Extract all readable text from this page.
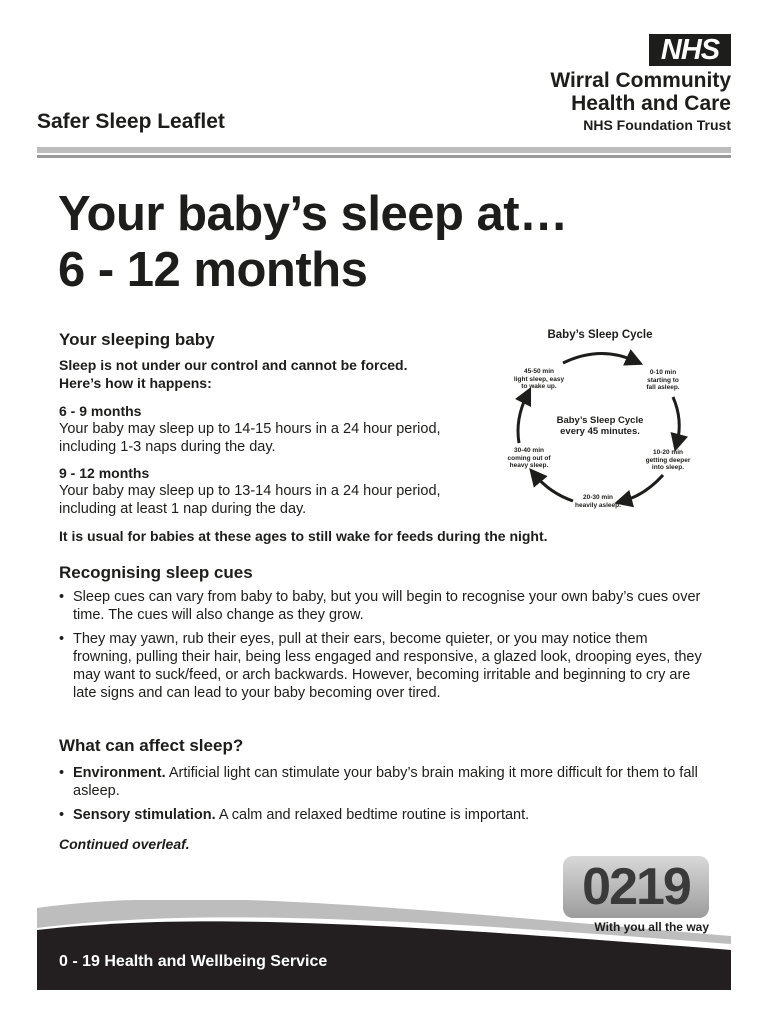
NHS
Wirral Community
Health and Care
NHS Foundation Trust
Safer Sleep Leaflet
Your baby’s sleep at…
6 - 12 months
Your sleeping baby
Sleep is not under our control and cannot be forced.
Here’s how it happens:
6 - 9 months
Your baby may sleep up to 14-15 hours in a 24 hour period, including 1-3 naps during the day.
9 - 12 months
Your baby may sleep up to 13-14 hours in a 24 hour period, including at least 1 nap during the day.
It is usual for babies at these ages to still wake for feeds during the night.
Baby’s Sleep Cycle
Baby’s Sleep Cycle
every 45 minutes.
0-10 min
starting to
fall asleep.
10-20 min
getting deeper
into sleep.
20-30 min
heavily asleep.
30-40 min
coming out of
heavy sleep.
45-50 min
light sleep, easy
to wake up.
Recognising sleep cues
• Sleep cues can vary from baby to baby, but you will begin to recognise your own baby’s cues over time. The cues will also change as they grow.
• They may yawn, rub their eyes, pull at their ears, become quieter, or you may notice them frowning, pulling their hair, being less engaged and responsive, a glazed look, drooping eyes, they may want to suck/feed, or arch backwards. However, becoming irritable and beginning to cry are late signs and can lead to your baby becoming over tired.
What can affect sleep?
• Environment. Artificial light can stimulate your baby’s brain making it more difficult for them to fall asleep.
• Sensory stimulation. A calm and relaxed bedtime routine is important.
Continued overleaf.
0 - 19 Health and Wellbeing Service
0219
With you all the way
